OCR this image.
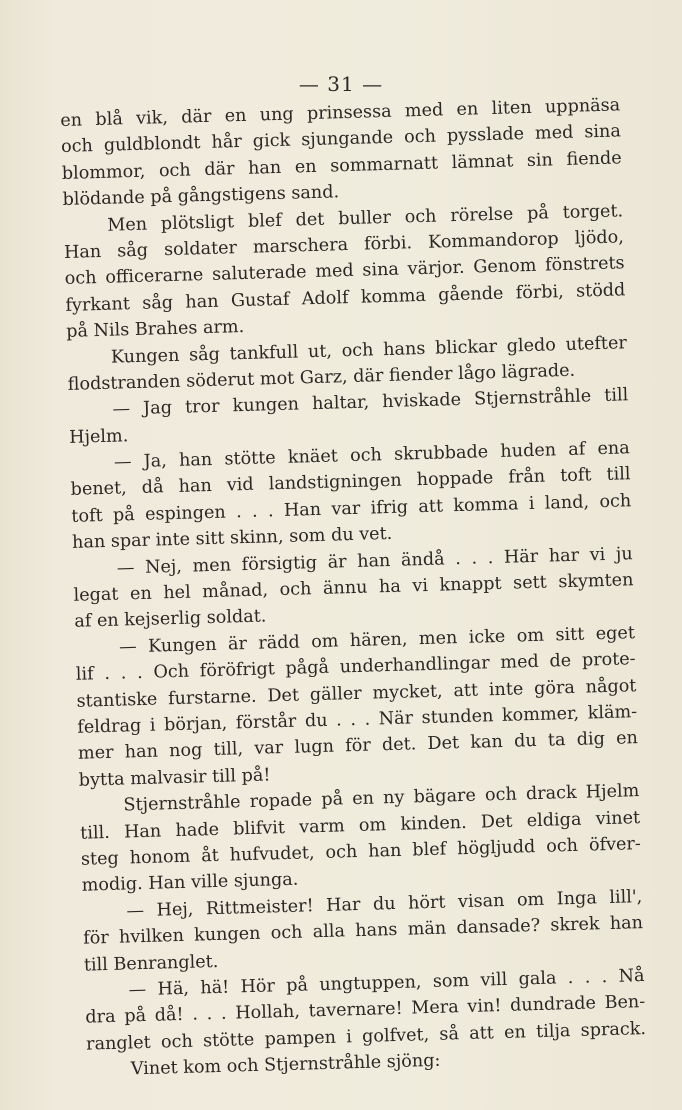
— 31 —
en blå vik, där en ung prinsessa med en liten uppnäsa
och guldblondt hår gick sjungande och pysslade med sina
blommor, och där han en sommarnatt lämnat sin fiende
blödande på gångstigens sand.
Men plötsligt blef det buller och rörelse på torget.
Han såg soldater marschera förbi. Kommandorop ljödo,
och officerarne saluterade med sina värjor. Genom fönstrets
fyrkant såg han Gustaf Adolf komma gående förbi, stödd
på Nils Brahes arm.
Kungen såg tankfull ut, och hans blickar gledo utefter
flodstranden söderut mot Garz, där fiender lågo lägrade.
— Jag tror kungen haltar, hviskade Stjernstråhle till
Hjelm.
— Ja, han stötte knäet och skrubbade huden af ena
benet, då han vid landstigningen hoppade från toft till
toft på espingen . . . Han var ifrig att komma i land, och
han spar inte sitt skinn, som du vet.
— Nej, men försigtig är han ändå . . . Här har vi ju
legat en hel månad, och ännu ha vi knappt sett skymten
af en kejserlig soldat.
— Kungen är rädd om hären, men icke om sitt eget
lif . . . Och föröfrigt pågå underhandlingar med de prote-
stantiske furstarne. Det gäller mycket, att inte göra något
feldrag i början, förstår du . . . När stunden kommer, kläm-
mer han nog till, var lugn för det. Det kan du ta dig en
bytta malvasir till på!
Stjernstråhle ropade på en ny bägare och drack Hjelm
till. Han hade blifvit varm om kinden. Det eldiga vinet
steg honom åt hufvudet, och han blef högljudd och öfver-
modig. Han ville sjunga.
— Hej, Rittmeister! Har du hört visan om Inga lill',
för hvilken kungen och alla hans män dansade? skrek han
till Benranglet.
— Hä, hä! Hör på ungtuppen, som vill gala . . . Nå
dra på då! . . . Hollah, tavernare! Mera vin! dundrade Ben-
ranglet och stötte pampen i golfvet, så att en tilja sprack.
Vinet kom och Stjernstråhle sjöng:
